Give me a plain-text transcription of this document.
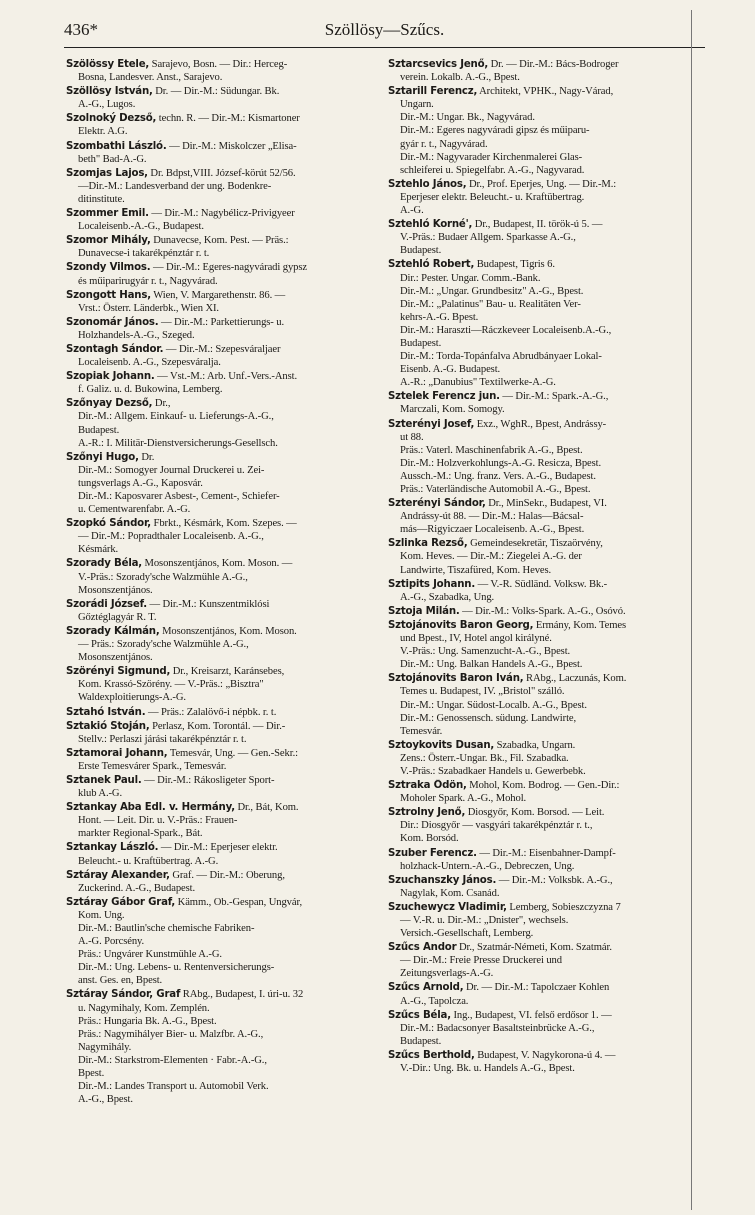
436*	Szöllösy—Szűcs.
Szölössy Etele, Sarajevo, Bosn. — Dir.: Herceg-
Bosna, Landesver. Anst., Sarajevo.
Szöllösy István, Dr. — Dir.-M.: Südungar. Bk.
A.-G., Lugos.
Szolnoký Dezső, techn. R. — Dir.-M.: Kismartoner
Elektr. A.G.
Szombathi László. — Dir.-M.: Miskolczer „Elisa-
beth" Bad-A.-G.
Szomjas Lajos, Dr. Bdpst,VIII. József-körút 52/56.
—Dir.-M.: Landesverband der ung. Bodenkre-
ditinstitute.
Szommer Emil. — Dir.-M.: Nagybélicz-Privigyeer
Localeisenb.-A.-G., Budapest.
Szomor Mihály, Dunavecse, Kom. Pest. — Präs.:
Dunavecse-i takarékpénztár r. t.
Szondy Vilmos. — Dir.-M.: Egeres-nagyváradi gypsz
és műiparirugyár r. t., Nagyvárad.
Szongott Hans, Wien, V. Margarethenstr. 86. —
Vrst.: Österr. Länderbk., Wien XI.
Szonomár János. — Dir.-M.: Parkettierungs- u.
Holzhandels-A.-G., Szeged.
Szontagh Sándor. — Dir.-M.: Szepesváraljaer
Localeisenb. A.-G., Szepesváralja.
Szopiak Johann. — Vst.-M.: Arb. Unf.-Vers.-Anst.
f. Galiz. u. d. Bukowina, Lemberg.
Szőnyay Dezső, Dr.,
Dir.-M.: Allgem. Einkauf- u. Lieferungs-A.-G.,
Budapest.
A.-R.: I. Militär-Dienstversicherungs-Gesellsch.
Szőnyi Hugo, Dr.
Dir.-M.: Somogyer Journal Druckerei u. Zei-
tungsverlags A.-G., Kaposvár.
Dir.-M.: Kaposvarer Asbest-, Cement-, Schiefer-
u. Cementwarenfabr. A.-G.
Szopkó Sándor, Fbrkt., Késmárk, Kom. Szepes. —
— Dir.-M.: Popradthaler Localeisenb. A.-G.,
Késmárk.
Szorady Béla, Mosonszentjános, Kom. Moson. —
V.-Präs.: Szorady'sche Walzmühle A.-G.,
Mosonszentjános.
Szorádi József. — Dir.-M.: Kunszentmiklósi
Gőztéglagyár R. T.
Szorady Kálmán, Mosonszentjános, Kom. Moson.
— Präs.: Szorady'sche Walzmühle A.-G.,
Mosonszentjános.
Szörényi Sigmund, Dr., Kreisarzt, Karánsebes,
Kom. Krassó-Szörény. — V.-Präs.: „Bisztra"
Waldexploitierungs-A.-G.
Sztahó István. — Präs.: Zalalövő-i népbk. r. t.
Sztakió Stoján, Perlasz, Kom. Torontál. — Dir.-
Stellv.: Perlaszi járási takarékpénztár r. t.
Sztamorai Johann, Temesvár, Ung. — Gen.-Sekr.:
Erste Temesvárer Spark., Temesvár.
Sztanek Paul. — Dir.-M.: Rákosligeter Sport-
klub A.-G.
Sztankay Aba Edl. v. Hermány, Dr., Bát, Kom.
Hont. — Leit. Dir. u. V.-Präs.: Frauen-
markter Regional-Spark., Bát.
Sztankay László. — Dir.-M.: Eperjeser elektr.
Beleucht.- u. Kraftübertrag. A.-G.
Sztáray Alexander, Graf. — Dir.-M.: Oberung,
Zuckerind. A.-G., Budapest.
Sztáray Gábor Graf, Kämm., Ob.-Gespan, Ungvár,
Kom. Ung.
Dir.-M.: Bautlin'sche chemische Fabriken-
A.-G. Porcsény.
Präs.: Ungvárer Kunstmühle A.-G.
Dir.-M.: Ung. Lebens- u. Rentenversicherungs-
anst. Ges. en, Bpest.
Sztáray Sándor, Graf RAbg., Budapest, I. úri-u. 32
u. Nagymihaly, Kom. Zemplén.
Präs.: Hungaria Bk. A.-G., Bpest.
Präs.: Nagymihályer Bier- u. Malzfbr. A.-G.,
Nagymihály.
Dir.-M.: Starkstrom-Elementen · Fabr.-A.-G.,
Bpest.
Dir.-M.: Landes Transport u. Automobil Verk.
A.-G., Bpest.
Sztarcsevics Jenő, Dr. — Dir.-M.: Bács-Bodroger
verein. Lokalb. A.-G., Bpest.
Sztarill Ferencz, Architekt, VPHK., Nagy-Várad,
Ungarn.
Dir.-M.: Ungar. Bk., Nagyvárad.
Dir.-M.: Egeres nagyváradi gipsz és műiparu-
gyár r. t., Nagyvárad.
Dir.-M.: Nagyvarader Kirchenmalerei Glas-
schleiferei u. Spiegelfabr. A.-G., Nagyvarad.
Sztehlo János, Dr., Prof. Eperjes, Ung. — Dir.-M.:
Eperjeser elektr. Beleucht.- u. Kraftübertrag.
A.-G.
Sztehló Korné', Dr., Budapest, II. török-ú 5. —
V.-Präs.: Budaer Allgem. Sparkasse A.-G.,
Budapest.
Sztehló Robert, Budapest, Tigris 6.
Dir.: Pester. Ungar. Comm.-Bank.
Dir.-M.: „Ungar. Grundbesitz" A.-G., Bpest.
Dir.-M.: „Palatinus" Bau- u. Realitäten Ver-
kehrs-A.-G. Bpest.
Dir.-M.: Haraszti—Ráczkeveer Localeisenb.A.-G.,
Budapest.
Dir.-M.: Torda-Topánfalva Abrudbányaer Lokal-
Eisenb. A.-G. Budapest.
A.-R.: „Danubius" Textilwerke-A.-G.
Sztelek Ferencz jun. — Dir.-M.: Spark.-A.-G.,
Marczali, Kom. Somogy.
Szterényi Josef, Exz., WghR., Bpest, Andrássy-
ut 88.
Präs.: Vaterl. Maschinenfabrik A.-G., Bpest.
Dir.-M.: Holzverkohlungs-A.-G. Resicza, Bpest.
Aussch.-M.: Ung. franz. Vers. A.-G., Budapest.
Präs.: Vaterländische Automobil A.-G., Bpest.
Szterényi Sándor, Dr., MinSekr., Budapest, VI.
Andrássy-út 88. — Dir.-M.: Halas—Bácsal-
más—Rigyiczaer Localeisenb. A.-G., Bpest.
Szlinka Rezső, Gemeindesekretär, Tiszaörvény,
Kom. Heves. — Dir.-M.: Ziegelei A.-G. der
Landwirte, Tiszafüred, Kom. Heves.
Sztipits Johann. — V.-R. Südländ. Volksw. Bk.-
A.-G., Szabadka, Ung.
Sztoja Milán. — Dir.-M.: Volks-Spark. A.-G., Osóvó.
Sztojánovits Baron Georg, Ermány, Kom. Temes
und Bpest., IV, Hotel angol királyné.
V.-Präs.: Ung. Samenzucht-A.-G., Bpest.
Dir.-M.: Ung. Balkan Handels A.-G., Bpest.
Sztojánovits Baron Iván, RAbg., Laczunás, Kom.
Temes u. Budapest, IV. „Bristol" szálló.
Dir.-M.: Ungar. Südost-Localb. A.-G., Bpest.
Dir.-M.: Genossensch. südung. Landwirte,
Temesvár.
Sztoykovits Dusan, Szabadka, Ungarn.
Zens.: Österr.-Ungar. Bk., Fil. Szabadka.
V.-Präs.: Szabadkaer Handels u. Gewerbebk.
Sztraka Ödön, Mohol, Kom. Bodrog. — Gen.-Dir.:
Moholer Spark. A.-G., Mohol.
Sztrolny Jenő, Diosgyőr, Kom. Borsod. — Leit.
Dir.: Diosgyőr — vasgyári takarékpénztár r. t.,
Kom. Borsód.
Szuber Ferencz. — Dir.-M.: Eisenbahner-Dampf-
holzhack-Untern.-A.-G., Debreczen, Ung.
Szuchanszky János. — Dir.-M.: Volksbk. A.-G.,
Nagylak, Kom. Csanád.
Szuchewycz Vladimir, Lemberg, Sobieszczyzna 7
— V.-R. u. Dir.-M.: „Dnister", wechsels.
Versich.-Gesellschaft, Lemberg.
Szűcs Andor Dr., Szatmár-Németi, Kom. Szatmár.
— Dir.-M.: Freie Presse Druckerei und
Zeitungsverlags-A.-G.
Szűcs Arnold, Dr. — Dir.-M.: Tapolczaer Kohlen
A.-G., Tapolcza.
Szűcs Béla, Ing., Budapest, VI. felső erdősor 1. —
Dir.-M.: Badacsonyer Basaltsteinbrücke A.-G.,
Budapest.
Szűcs Berthold, Budapest, V. Nagykorona-ú 4. —
V.-Dir.: Ung. Bk. u. Handels A.-G., Bpest.
